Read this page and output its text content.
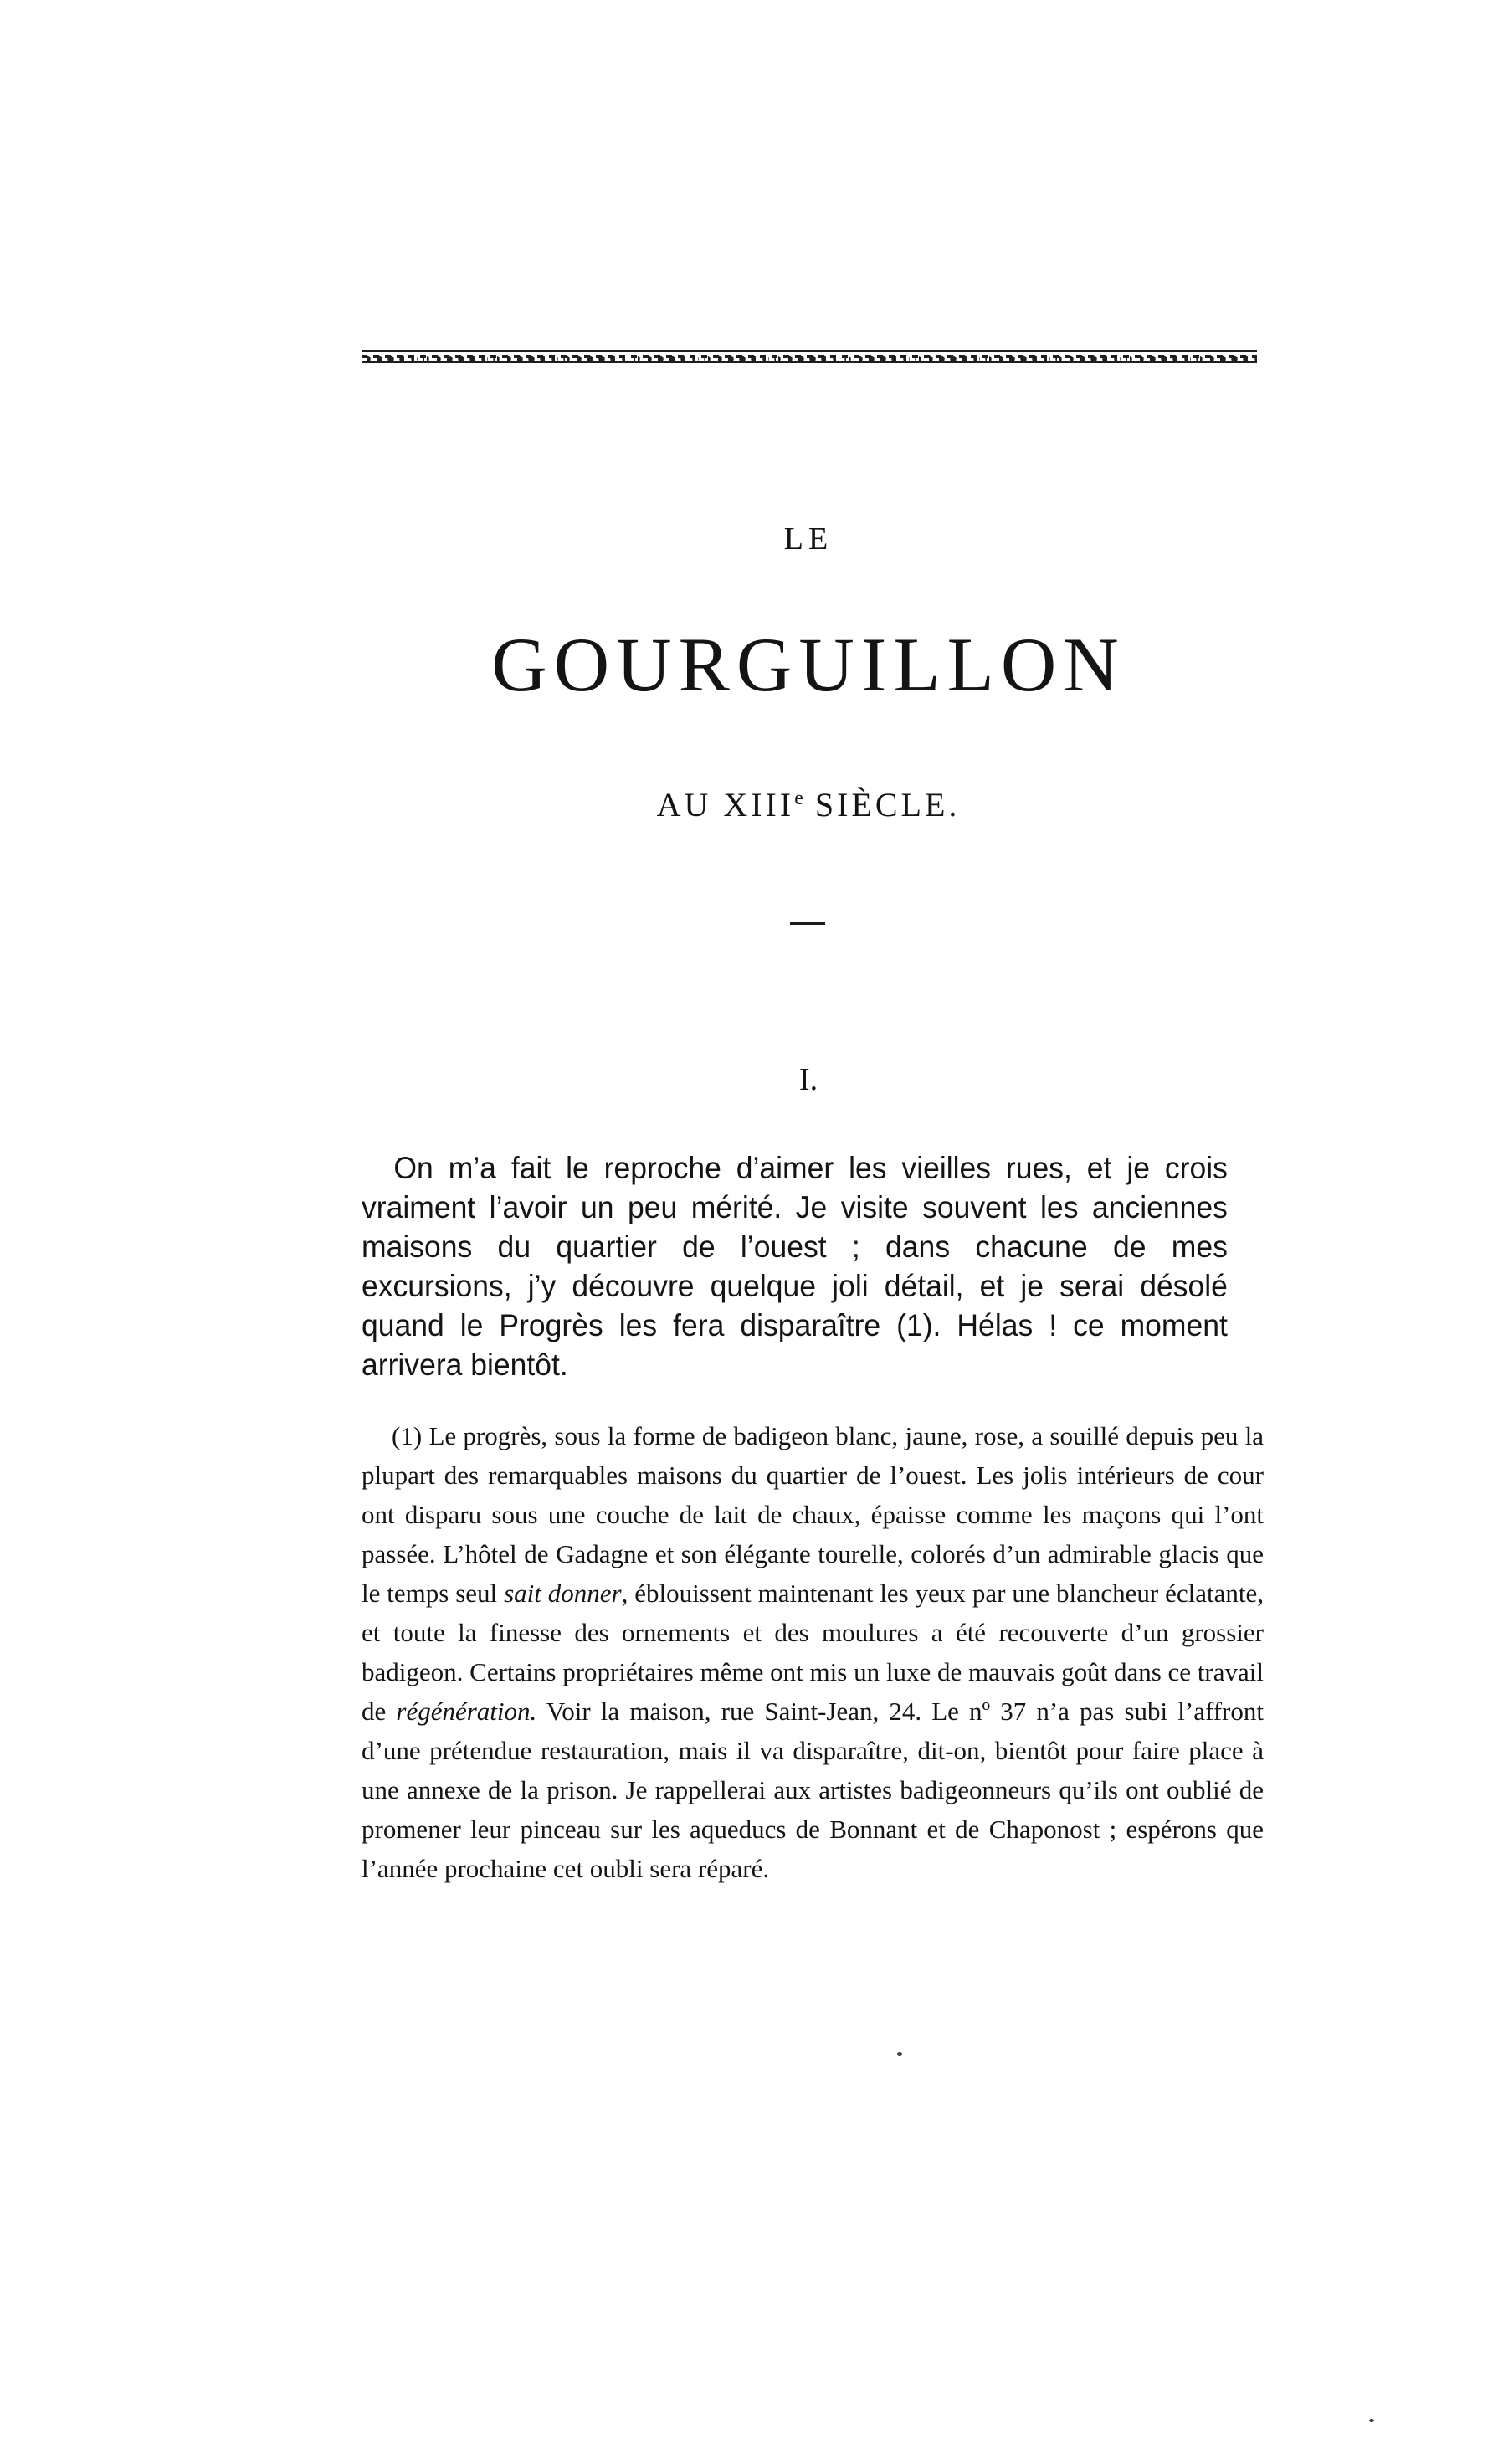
LE
GOURGUILLON
AU XIIIe SIÈCLE.
I.

On m’a fait le reproche d’aimer les vieilles rues, et je crois vraiment l’avoir un peu mérité. Je visite souvent les anciennes maisons du quartier de l’ouest ; dans chacune de mes excursions, j’y découvre quelque joli détail, et je serai désolé quand le Progrès les fera disparaître (1). Hélas ! ce moment arrivera bientôt.

(1) Le progrès, sous la forme de badigeon blanc, jaune, rose, a souillé depuis peu la plupart des remarquables maisons du quartier de l’ouest. Les jolis intérieurs de cour ont disparu sous une couche de lait de chaux, épaisse comme les maçons qui l’ont passée. L’hôtel de Gadagne et son élégante tourelle, colorés d’un admirable glacis que le temps seul sait donner, éblouissent maintenant les yeux par une blancheur éclatante, et toute la finesse des ornements et des moulures a été recouverte d’un grossier badigeon. Certains propriétaires même ont mis un luxe de mauvais goût dans ce travail de régénération. Voir la maison, rue Saint-Jean, 24. Le nº 37 n’a pas subi l’affront d’une prétendue restauration, mais il va disparaître, dit-on, bientôt pour faire place à une annexe de la prison. Je rappellerai aux artistes badigeonneurs qu’ils ont oublié de promener leur pinceau sur les aqueducs de Bonnant et de Chaponost ; espérons que l’année prochaine cet oubli sera réparé.
